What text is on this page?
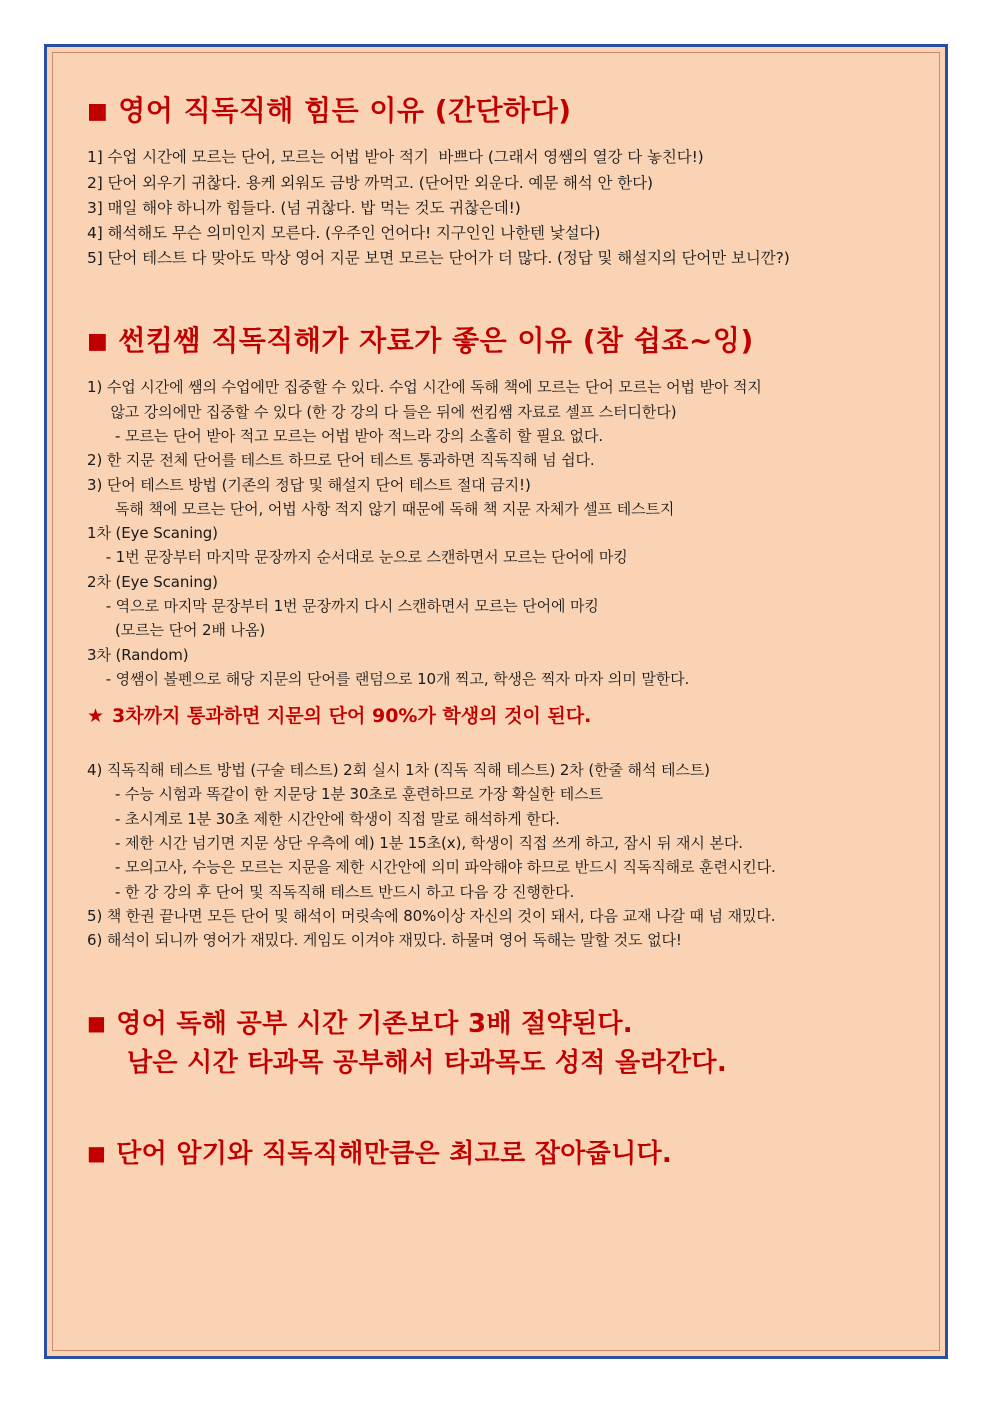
■ 영어 직독직해 힘든 이유 (간단하다)
1] 수업 시간에 모르는 단어, 모르는 어법 받아 적기  바쁘다 (그래서 영쌤의 열강 다 놓친다!)
2] 단어 외우기 귀찮다. 용케 외워도 금방 까먹고. (단어만 외운다. 예문 해석 안 한다)
3] 매일 해야 하니까 힘들다. (넘 귀찮다. 밥 먹는 것도 귀찮은데!)
4] 해석해도 무슨 의미인지 모른다. (우주인 언어다! 지구인인 나한텐 낯설다)
5] 단어 테스트 다 맞아도 막상 영어 지문 보면 모르는 단어가 더 많다. (정답 및 해설지의 단어만 보니깐?)
■ 썬킴쌤 직독직해가 자료가 좋은 이유 (참 쉽죠~잉)
1) 수업 시간에 쌤의 수업에만 집중할 수 있다. 수업 시간에 독해 책에 모르는 단어 모르는 어법 받아 적지
않고 강의에만 집중할 수 있다 (한 강 강의 다 들은 뒤에 썬킴쌤 자료로 셀프 스터디한다)
- 모르는 단어 받아 적고 모르는 어법 받아 적느라 강의 소홀히 할 필요 없다.
2) 한 지문 전체 단어를 테스트 하므로 단어 테스트 통과하면 직독직해 넘 쉽다.
3) 단어 테스트 방법 (기존의 정답 및 해설지 단어 테스트 절대 금지!)
독해 책에 모르는 단어, 어법 사항 적지 않기 때문에 독해 책 지문 자체가 셀프 테스트지
1차 (Eye Scaning)
- 1번 문장부터 마지막 문장까지 순서대로 눈으로 스캔하면서 모르는 단어에 마킹
2차 (Eye Scaning)
- 역으로 마지막 문장부터 1번 문장까지 다시 스캔하면서 모르는 단어에 마킹
(모르는 단어 2배 나옴)
3차 (Random)
- 영쌤이 볼펜으로 해당 지문의 단어를 랜덤으로 10개 찍고, 학생은 찍자 마자 의미 말한다.
★ 3차까지 통과하면 지문의 단어 90%가 학생의 것이 된다.
4) 직독직해 테스트 방법 (구술 테스트) 2회 실시 1차 (직독 직해 테스트) 2차 (한줄 해석 테스트)
- 수능 시험과 똑같이 한 지문당 1분 30초로 훈련하므로 가장 확실한 테스트
- 초시계로 1분 30초 제한 시간안에 학생이 직접 말로 해석하게 한다.
- 제한 시간 넘기면 지문 상단 우측에 예) 1분 15초(x), 학생이 직접 쓰게 하고, 잠시 뒤 재시 본다.
- 모의고사, 수능은 모르는 지문을 제한 시간안에 의미 파악해야 하므로 반드시 직독직해로 훈련시킨다.
- 한 강 강의 후 단어 및 직독직해 테스트 반드시 하고 다음 강 진행한다.
5) 책 한권 끝나면 모든 단어 및 해석이 머릿속에 80%이상 자신의 것이 돼서, 다음 교재 나갈 때 넘 재밌다.
6) 해석이 되니까 영어가 재밌다. 게임도 이겨야 재밌다. 하물며 영어 독해는 말할 것도 없다!
■ 영어 독해 공부 시간 기존보다 3배 절약된다.
남은 시간 타과목 공부해서 타과목도 성적 올라간다.
■ 단어 암기와 직독직해만큼은 최고로 잡아줍니다.
